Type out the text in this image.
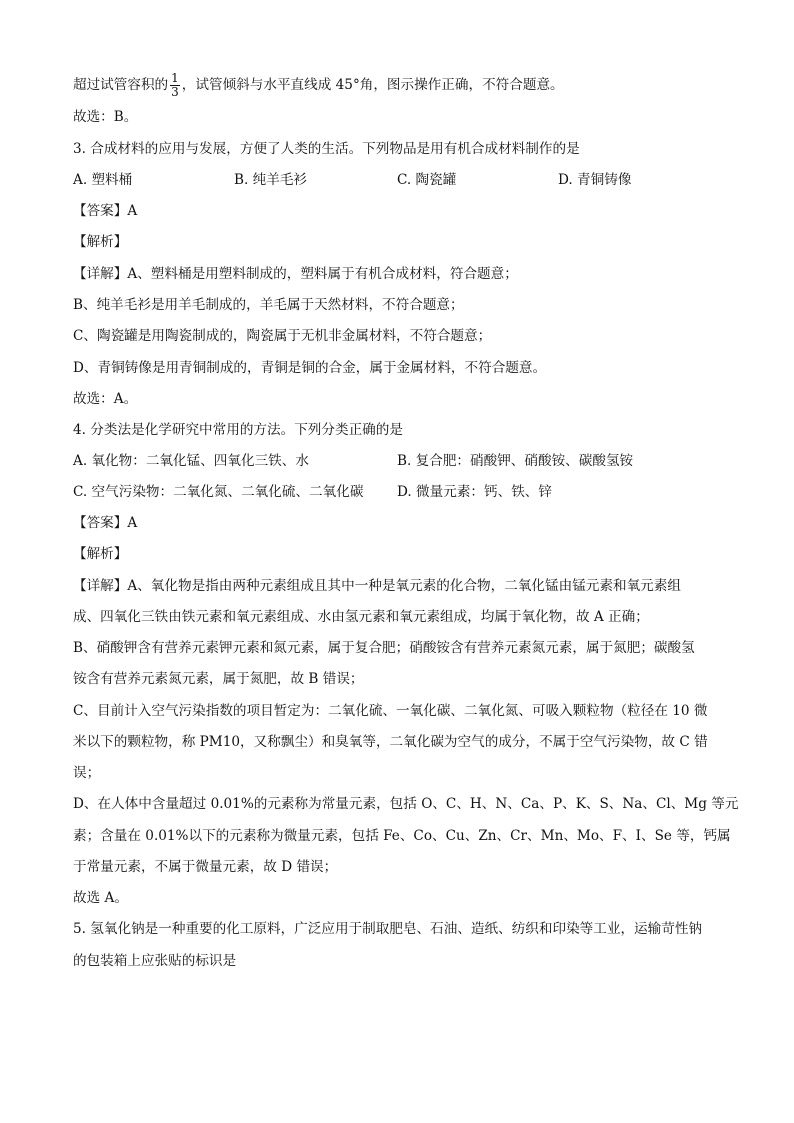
超过试管容积的 $\frac{1}{3}$ ，试管倾斜与水平直线成 45°角，图示操作正确，不符合题意。
故选：B。
3. 合成材料的应用与发展，方便了人类的生活。下列物品是用有机合成材料制作的是
A. 塑料桶	B. 纯羊毛衫	C. 陶瓷罐	D. 青铜铸像
【答案】A
【解析】
【详解】A、塑料桶是用塑料制成的，塑料属于有机合成材料，符合题意；
B、纯羊毛衫是用羊毛制成的，羊毛属于天然材料，不符合题意；
C、陶瓷罐是用陶瓷制成的，陶瓷属于无机非金属材料，不符合题意；
D、青铜铸像是用青铜制成的，青铜是铜的合金，属于金属材料，不符合题意。
故选：A。
4. 分类法是化学研究中常用的方法。下列分类正确的是
A. 氧化物：二氧化锰、四氧化三铁、水	B. 复合肥：硝酸钾、硝酸铵、碳酸氢铵
C. 空气污染物：二氧化氮、二氧化硫、二氧化碳 D. 微量元素：钙、铁、锌
【答案】A
【解析】
【详解】A、氧化物是指由两种元素组成且其中一种是氧元素的化合物，二氧化锰由锰元素和氧元素组
成、四氧化三铁由铁元素和氧元素组成、水由氢元素和氧元素组成，均属于氧化物，故 A 正确；
B、硝酸钾含有营养元素钾元素和氮元素，属于复合肥；硝酸铵含有营养元素氮元素，属于氮肥；碳酸氢
铵含有营养元素氮元素，属于氮肥，故 B 错误；
C、目前计入空气污染指数的项目暂定为：二氧化硫、一氧化碳、二氧化氮、可吸入颗粒物（粒径在 10 微
米以下的颗粒物，称 PM10，又称飘尘）和臭氧等，二氧化碳为空气的成分，不属于空气污染物，故 C 错
误；
D、在人体中含量超过 0.01%的元素称为常量元素，包括 O、C、H、N、Ca、P、K、S、Na、Cl、Mg 等元
素；含量在 0.01%以下的元素称为微量元素，包括 Fe、Co、Cu、Zn、Cr、Mn、Mo、F、I、Se 等，钙属
于常量元素，不属于微量元素，故 D 错误；
故选 A。
5. 氢氧化钠是一种重要的化工原料，广泛应用于制取肥皂、石油、造纸、纺织和印染等工业，运输苛性钠
的包装箱上应张贴的标识是
